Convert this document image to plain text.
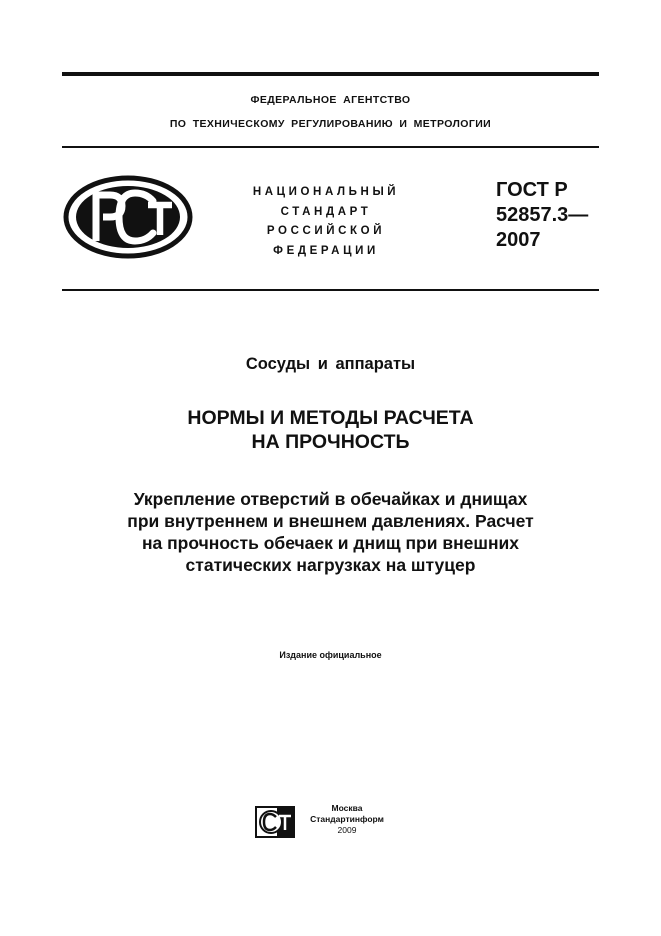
ФЕДЕРАЛЬНОЕ АГЕНТСТВО
ПО ТЕХНИЧЕСКОМУ РЕГУЛИРОВАНИЮ И МЕТРОЛОГИИ
НАЦИОНАЛЬНЫЙ
СТАНДАРТ
РОССИЙСКОЙ
ФЕДЕРАЦИИ
ГОСТ Р
52857.3—
2007
Сосуды и аппараты
НОРМЫ И МЕТОДЫ РАСЧЕТА
НА ПРОЧНОСТЬ
Укрепление отверстий в обечайках и днищах
при внутреннем и внешнем давлениях. Расчет
на прочность обечаек и днищ при внешних
статических нагрузках на штуцер
Издание официальное
Москва
Стандартинформ
2009
